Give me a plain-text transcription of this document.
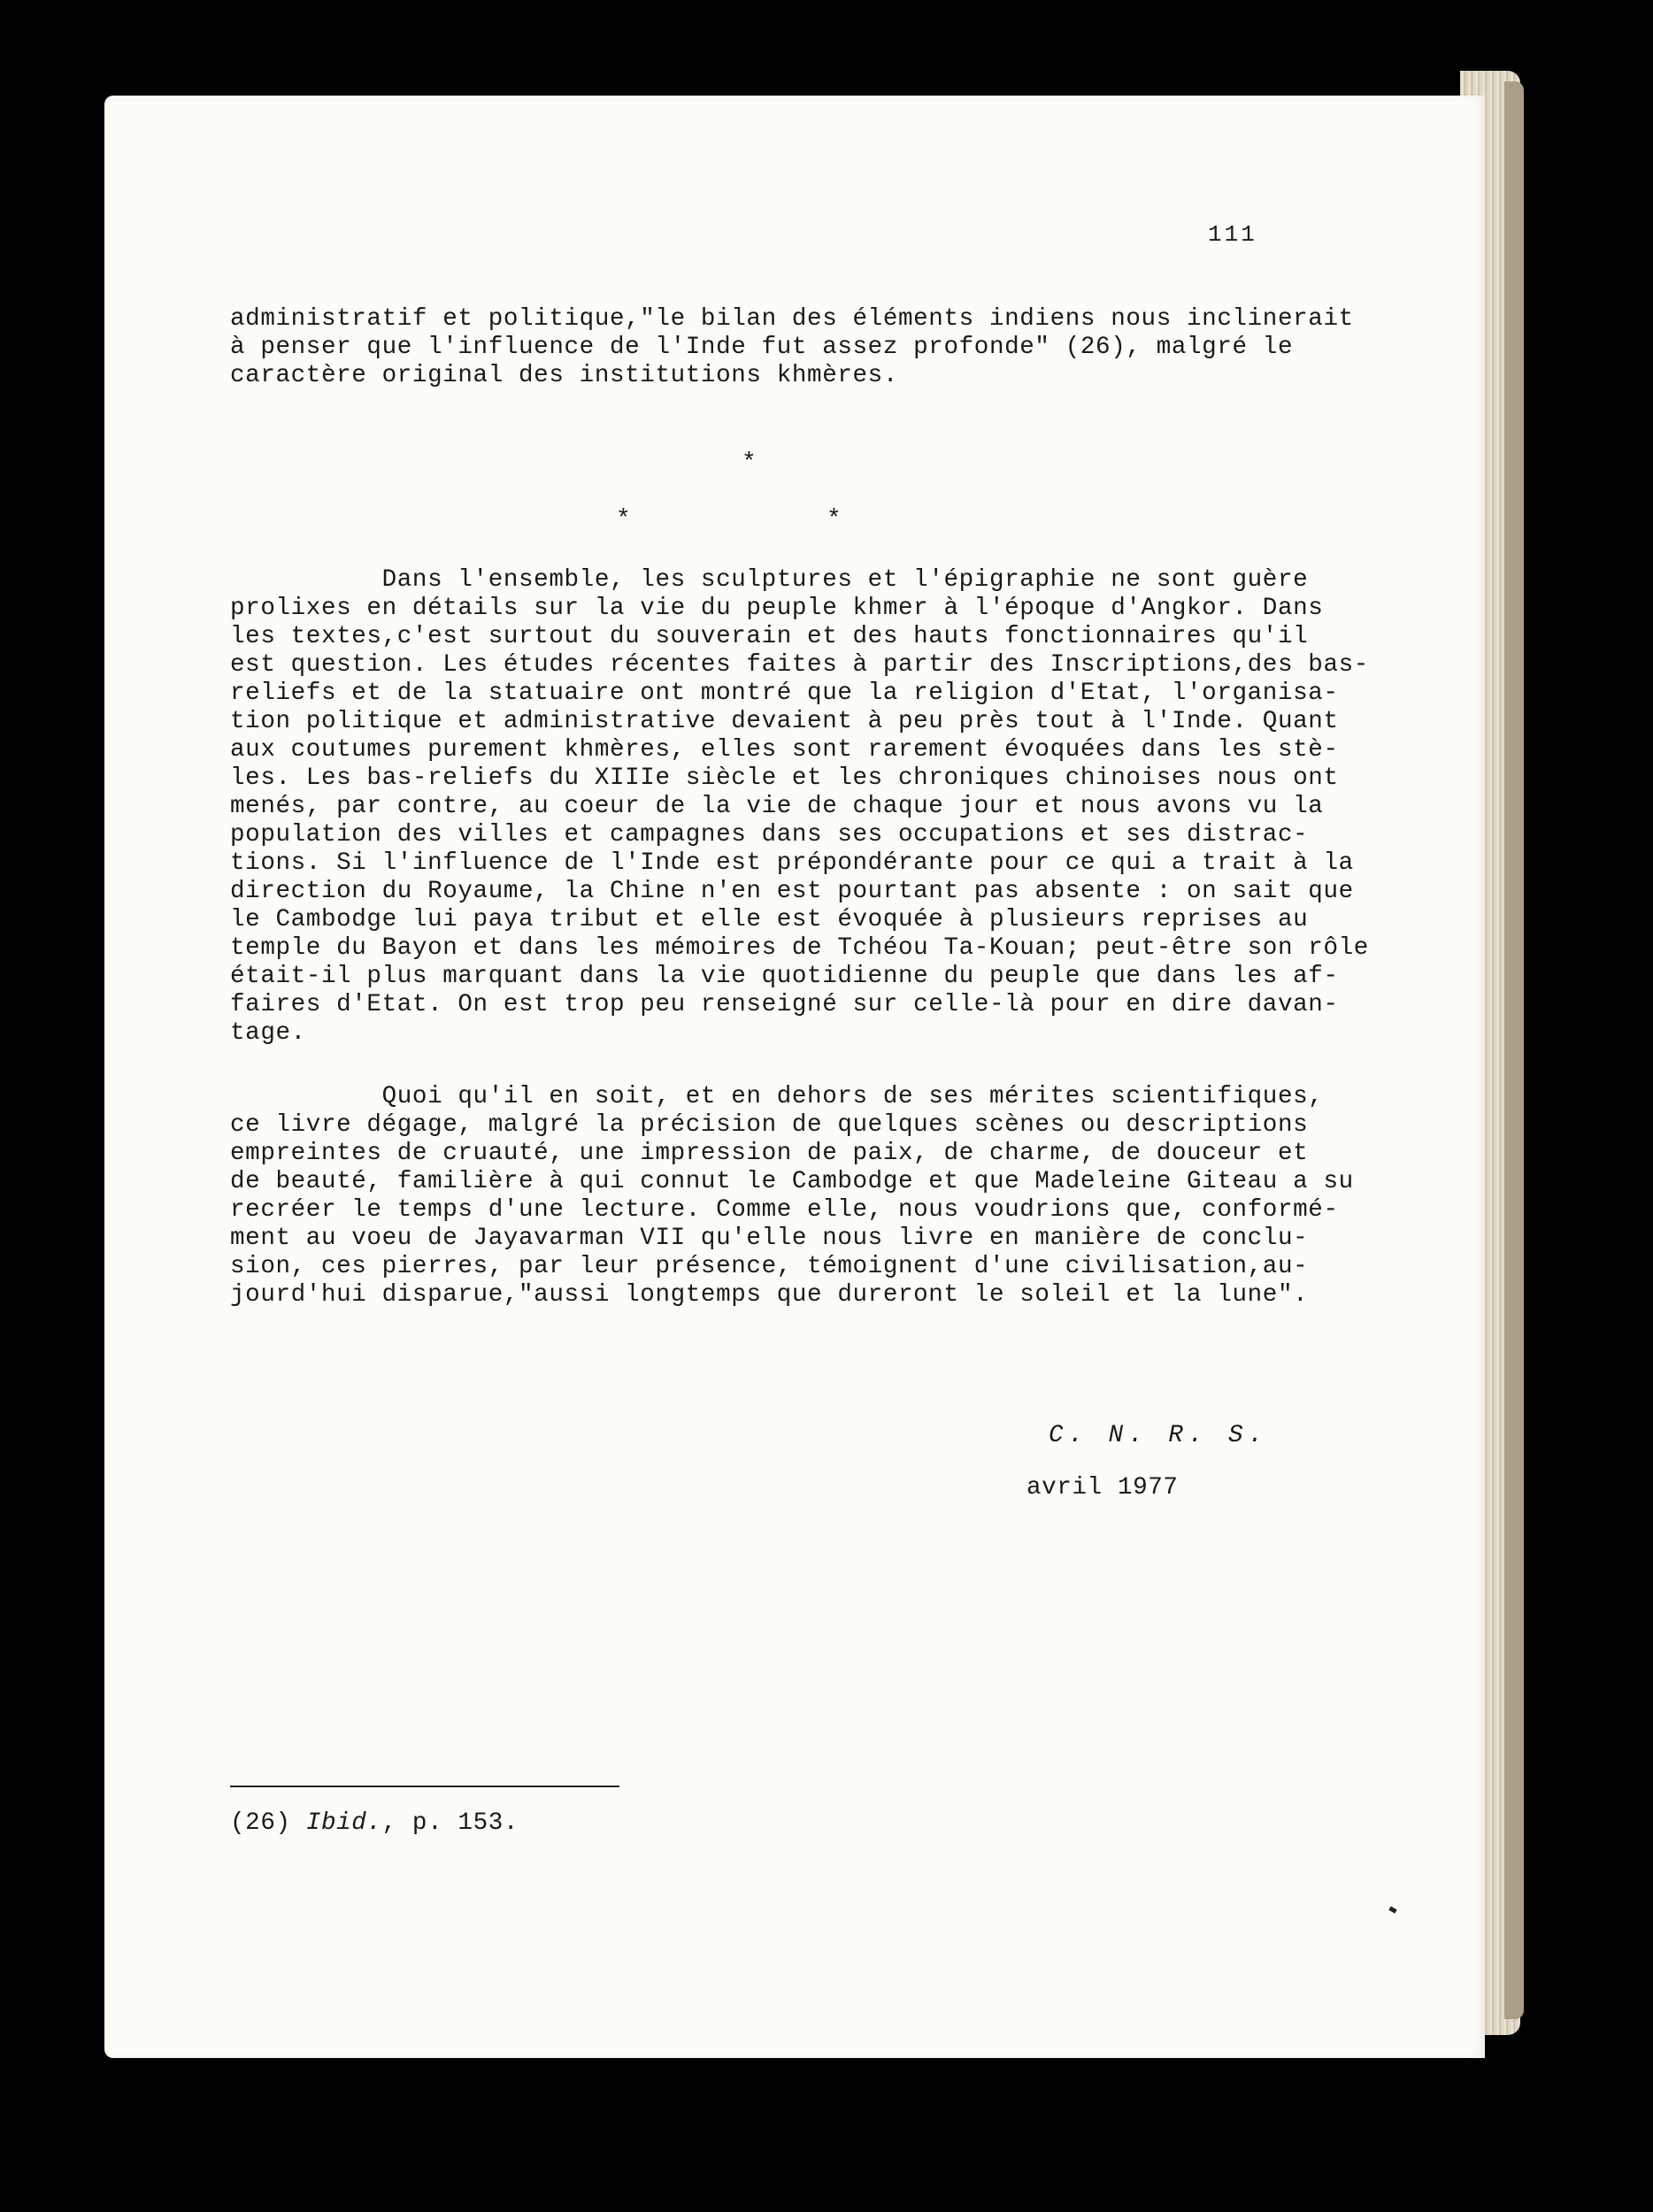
111

administratif et politique,"le bilan des éléments indiens nous inclinerait
à penser que l'influence de l'Inde fut assez profonde" (26), malgré le
caractère original des institutions khmères.

*
*	*

Dans l'ensemble, les sculptures et l'épigraphie ne sont guère
prolixes en détails sur la vie du peuple khmer à l'époque d'Angkor. Dans
les textes,c'est surtout du souverain et des hauts fonctionnaires qu'il
est question. Les études récentes faites à partir des Inscriptions,des bas-
reliefs et de la statuaire ont montré que la religion d'Etat, l'organisa-
tion politique et administrative devaient à peu près tout à l'Inde. Quant
aux coutumes purement khmères, elles sont rarement évoquées dans les stè-
les. Les bas-reliefs du XIIIe siècle et les chroniques chinoises nous ont
menés, par contre, au coeur de la vie de chaque jour et nous avons vu la
population des villes et campagnes dans ses occupations et ses distrac-
tions. Si l'influence de l'Inde est prépondérante pour ce qui a trait à la
direction du Royaume, la Chine n'en est pourtant pas absente : on sait que
le Cambodge lui paya tribut et elle est évoquée à plusieurs reprises au
temple du Bayon et dans les mémoires de Tchéou Ta-Kouan; peut-être son rôle
était-il plus marquant dans la vie quotidienne du peuple que dans les af-
faires d'Etat. On est trop peu renseigné sur celle-là pour en dire davan-
tage.

Quoi qu'il en soit, et en dehors de ses mérites scientifiques,
ce livre dégage, malgré la précision de quelques scènes ou descriptions
empreintes de cruauté, une impression de paix, de charme, de douceur et
de beauté, familière à qui connut le Cambodge et que Madeleine Giteau a su
recréer le temps d'une lecture. Comme elle, nous voudrions que, conformé-
ment au voeu de Jayavarman VII qu'elle nous livre en manière de conclu-
sion, ces pierres, par leur présence, témoignent d'une civilisation,au-
jourd'hui disparue,"aussi longtemps que dureront le soleil et la lune".

C. N. R. S.
avril 1977
(26) Ibid., p. 153.
